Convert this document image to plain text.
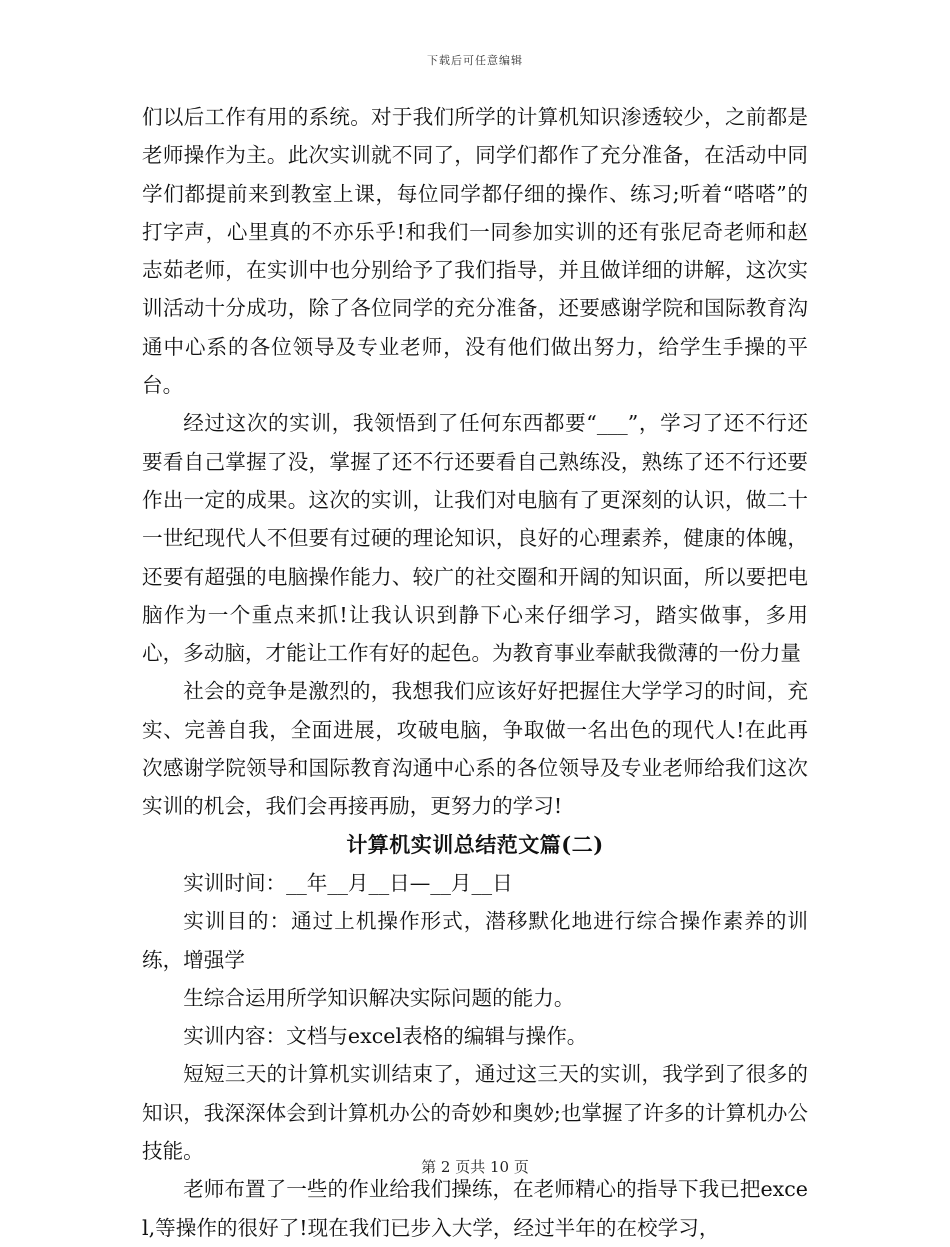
下载后可任意编辑

们以后工作有用的系统。对于我们所学的计算机知识渗透较少，之前都是老师操作为主。此次实训就不同了，同学们都作了充分准备，在活动中同学们都提前来到教室上课，每位同学都仔细的操作、练习;听着“嗒嗒”的打字声，心里真的不亦乐乎!和我们一同参加实训的还有张尼奇老师和赵志茹老师，在实训中也分别给予了我们指导，并且做详细的讲解，这次实训活动十分成功，除了各位同学的充分准备，还要感谢学院和国际教育沟通中心系的各位领导及专业老师，没有他们做出努力，给学生手操的平台。

经过这次的实训，我领悟到了任何东西都要“___”，学习了还不行还要看自己掌握了没，掌握了还不行还要看自己熟练没，熟练了还不行还要作出一定的成果。这次的实训，让我们对电脑有了更深刻的认识，做二十一世纪现代人不但要有过硬的理论知识，良好的心理素养，健康的体魄，还要有超强的电脑操作能力、较广的社交圈和开阔的知识面，所以要把电脑作为一个重点来抓!让我认识到静下心来仔细学习，踏实做事，多用心，多动脑，才能让工作有好的起色。为教育事业奉献我微薄的一份力量

社会的竞争是激烈的，我想我们应该好好把握住大学学习的时间，充实、完善自我，全面进展，攻破电脑，争取做一名出色的现代人!在此再次感谢学院领导和国际教育沟通中心系的各位领导及专业老师给我们这次实训的机会，我们会再接再励，更努力的学习!

计算机实训总结范文篇(二)

实训时间：__年__月__日—__月__日

实训目的：通过上机操作形式，潜移默化地进行综合操作素养的训练，增强学

生综合运用所学知识解决实际问题的能力。

实训内容：文档与excel表格的编辑与操作。

短短三天的计算机实训结束了，通过这三天的实训，我学到了很多的知识，我深深体会到计算机办公的奇妙和奥妙;也掌握了许多的计算机办公技能。

老师布置了一些的作业给我们操练，在老师精心的指导下我已把excel,等操作的很好了!现在我们已步入大学，经过半年的在校学习，

第 2 页共 10 页
